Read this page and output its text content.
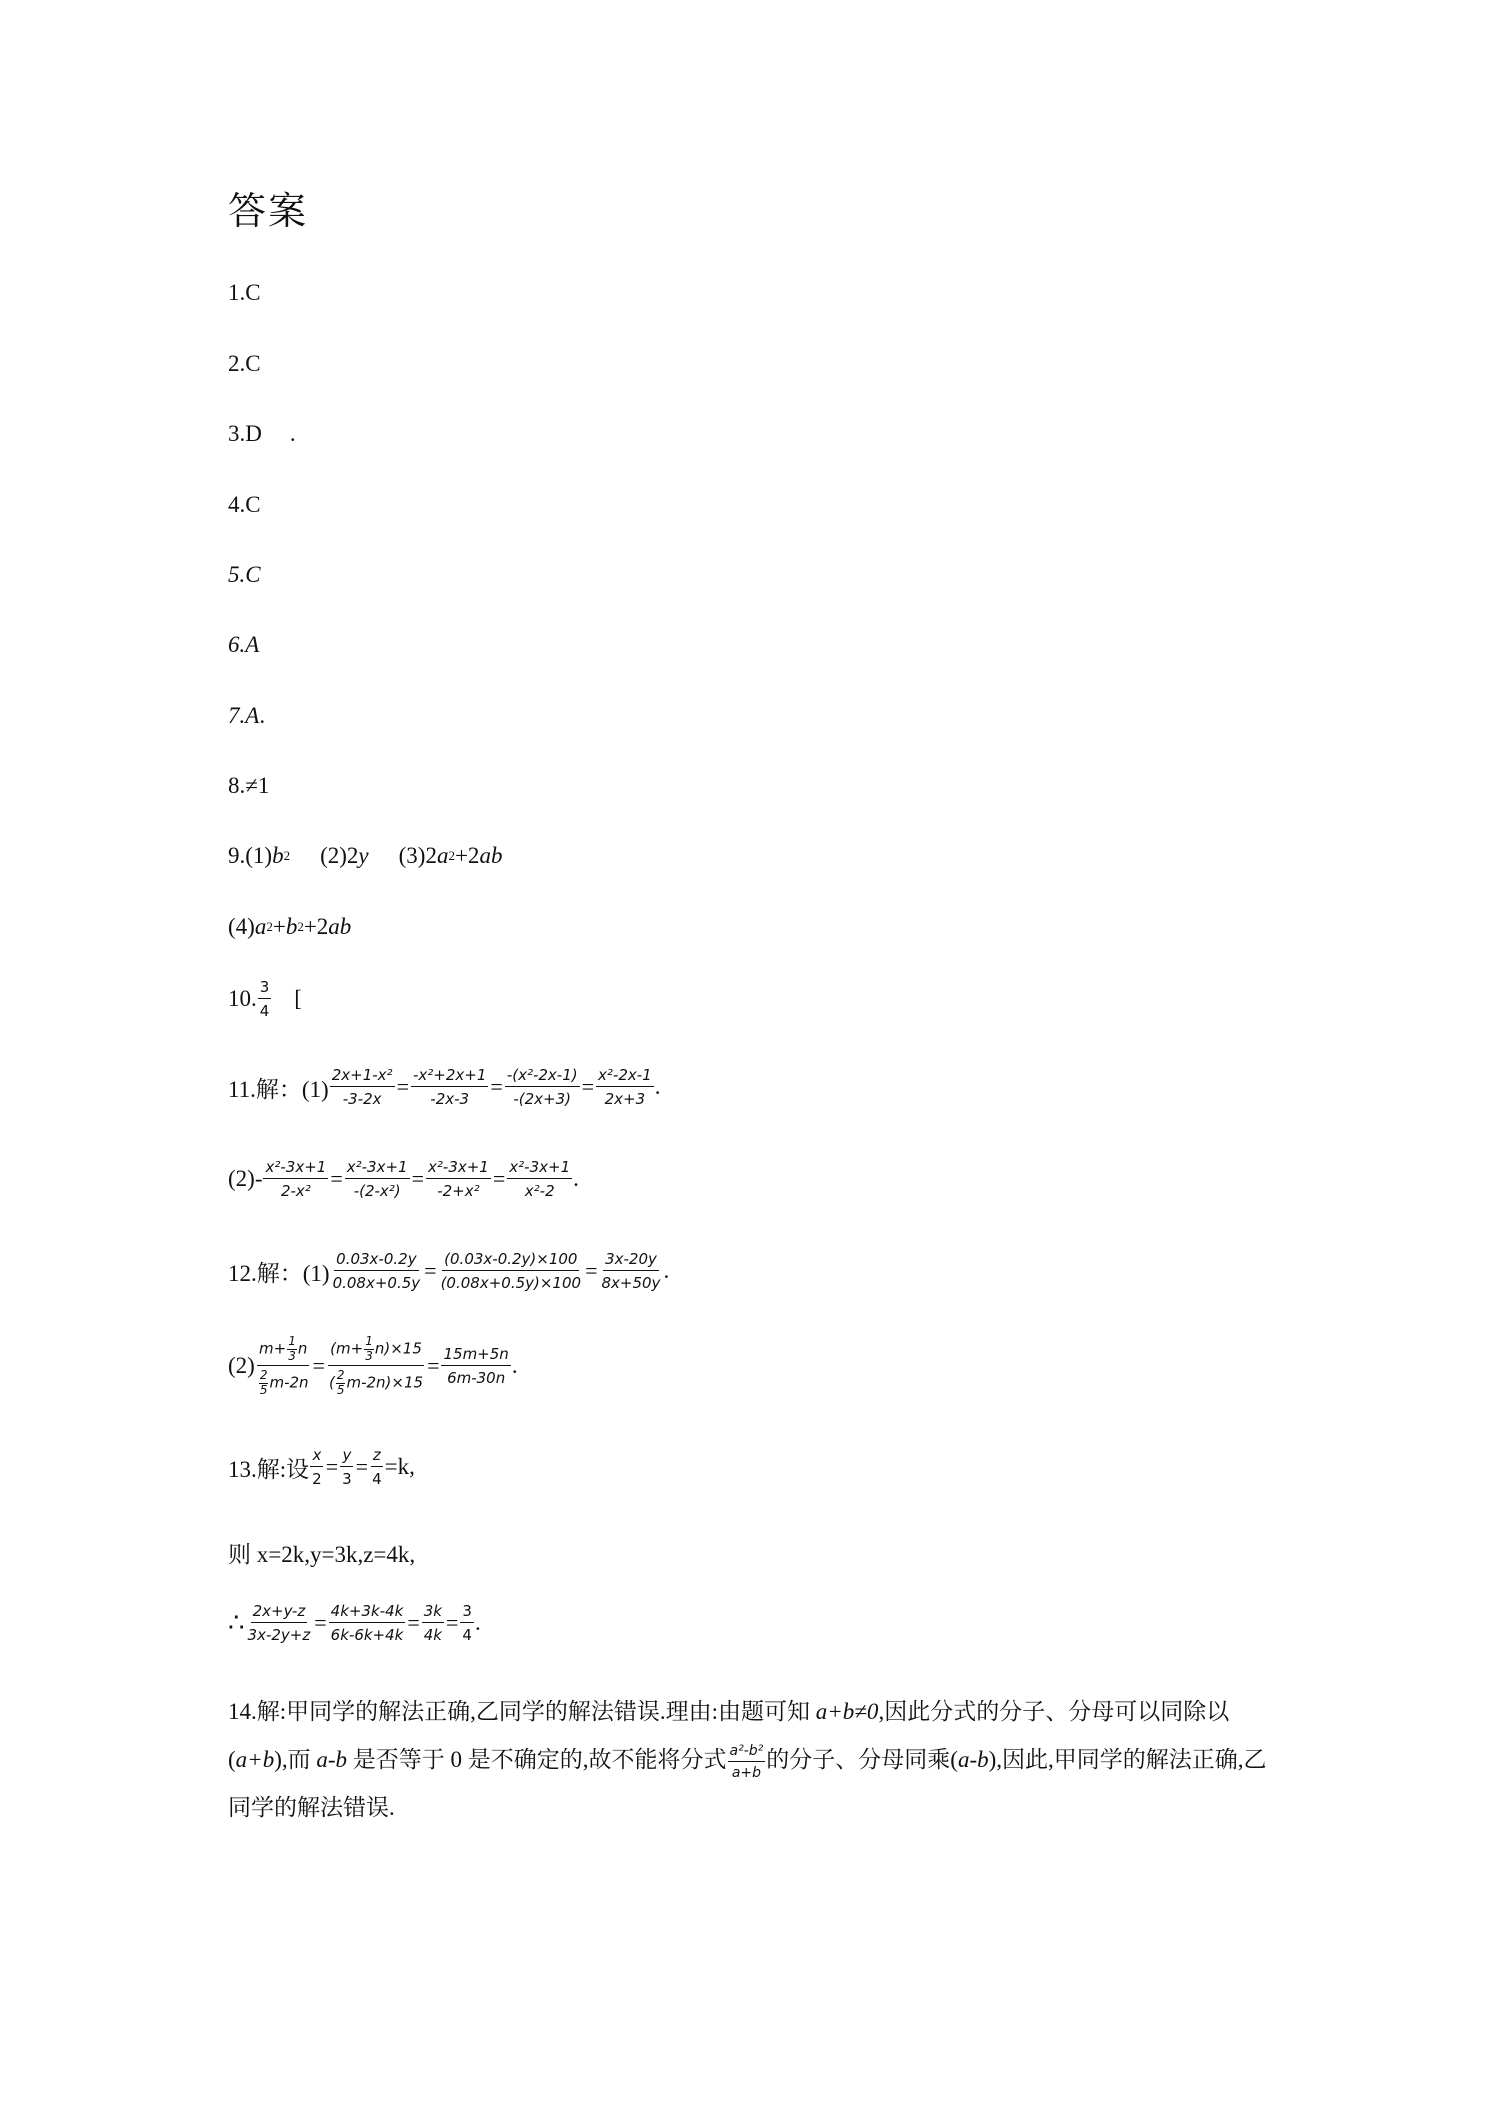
答案
1.C
2.C
3.D .
4.C
5.C
6.A
7.A .
8.≠1
9.(1) b 2 (2)2 y (3)2 a 2 +2 ab
(4) a 2 + b 2 +2 ab
10. $\frac{3}{4}$ [
11.解：$(1) \frac{\text{2x+1-x²}}{-3-2x} = \frac{\text{-x²+2x+1}}{-2x-3} = \frac{\text{-(x²-2x-1)}}{-(2x+3)} = \frac{\text{x²-2x-1}}{2x+3}$ .
$(2)- \frac{\text{x²-3x+1}}{\text{2-x²}} = \frac{\text{x²-3x+1}}{\text{-(2-x²)}} = \frac{\text{x²-3x+1}}{\text{-2+x²}} = \frac{\text{x²-3x+1}}{\text{x²-2}}$ .
12.解：$(1) \frac{0.03x-0.2y}{0.08x+0.5y} = \frac{(0.03x-0.2y)\times 100}{(0.08x+0.5y)\times 100} = \frac{3x-20y}{8x+50y}$ .
$(2) \frac{m+ \frac{1}{3} n}{\frac{2}{5} m-2n} = \frac{(m+ \frac{1}{3} n)\times 15}{( \frac{2}{5} m-2n)\times 15} = \frac{15m+5n}{6m-30n}$ .
13.解:设 $\frac{x}{2} = \frac{y}{3} = \frac{z}{4} =k$,
则 x=2k,y=3k,z=4k,
∴ $\frac{2x+y-z}{3x-2y+z} = \frac{4k+3k-4k}{6k-6k+4k} = \frac{3k}{4k} = \frac{3}{4}$ .
14.解:甲同学的解法正确,乙同学的解法错误.理由:由题可知 a+b≠0,因此分式的分子、分母可以同除以(a+b),而 a-b 是否等于 0 是不确定的,故不能将分式 $\frac{\text{a²-b²}}{a+b}$ 的分子、分母同乘(a-b),因此,甲同学的解法正确,乙同学的解法错误.
